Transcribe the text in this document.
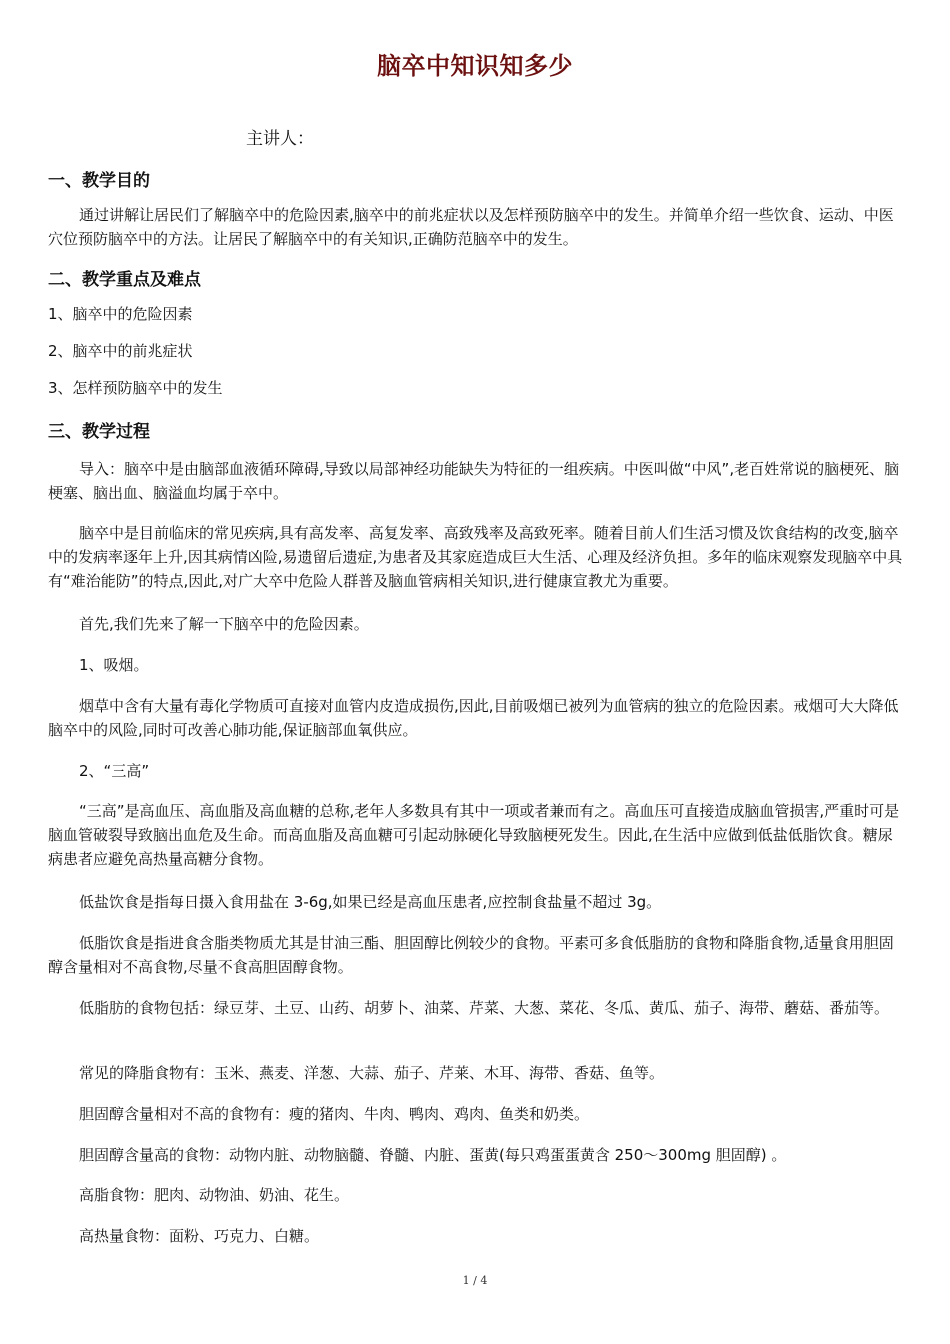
脑卒中知识知多少
主讲人：
一、教学目的
通过讲解让居民们了解脑卒中的危险因素,脑卒中的前兆症状以及怎样预防脑卒中的发生。并简单介绍一些饮食、运动、中医穴位预防脑卒中的方法。让居民了解脑卒中的有关知识,正确防范脑卒中的发生。
二、教学重点及难点
1、脑卒中的危险因素
2、脑卒中的前兆症状
3、怎样预防脑卒中的发生
三、教学过程
导入：脑卒中是由脑部血液循环障碍,导致以局部神经功能缺失为特征的一组疾病。中医叫做“中风”,老百姓常说的脑梗死、脑梗塞、脑出血、脑溢血均属于卒中。
脑卒中是目前临床的常见疾病,具有高发率、高复发率、高致残率及高致死率。随着目前人们生活习惯及饮食结构的改变,脑卒中的发病率逐年上升,因其病情凶险,易遗留后遗症,为患者及其家庭造成巨大生活、心理及经济负担。多年的临床观察发现脑卒中具有“难治能防”的特点,因此,对广大卒中危险人群普及脑血管病相关知识,进行健康宣教尤为重要。
首先,我们先来了解一下脑卒中的危险因素。
1、吸烟。
烟草中含有大量有毒化学物质可直接对血管内皮造成损伤,因此,目前吸烟已被列为血管病的独立的危险因素。戒烟可大大降低脑卒中的风险,同时可改善心肺功能,保证脑部血氧供应。
2、“三高”
“三高”是高血压、高血脂及高血糖的总称,老年人多数具有其中一项或者兼而有之。高血压可直接造成脑血管损害,严重时可是脑血管破裂导致脑出血危及生命。而高血脂及高血糖可引起动脉硬化导致脑梗死发生。因此,在生活中应做到低盐低脂饮食。糖尿病患者应避免高热量高糖分食物。
低盐饮食是指每日摄入食用盐在 3-6g,如果已经是高血压患者,应控制食盐量不超过 3g。
低脂饮食是指进食含脂类物质尤其是甘油三酯、胆固醇比例较少的食物。平素可多食低脂肪的食物和降脂食物,适量食用胆固醇含量相对不高食物,尽量不食高胆固醇食物。
低脂肪的食物包括：绿豆芽、土豆、山药、胡萝卜、油菜、芹菜、大葱、菜花、冬瓜、黄瓜、茄子、海带、蘑菇、番茄等。
常见的降脂食物有：玉米、燕麦、洋葱、大蒜、茄子、芹莱、木耳、海带、香菇、鱼等。
胆固醇含量相对不高的食物有：瘦的猪肉、牛肉、鸭肉、鸡肉、鱼类和奶类。
胆固醇含量高的食物：动物内脏、动物脑髓、脊髓、内脏、蛋黄(每只鸡蛋蛋黄含 250～300mg 胆固醇) 。
高脂食物：肥肉、动物油、奶油、花生。
高热量食物：面粉、巧克力、白糖。
1 / 4
